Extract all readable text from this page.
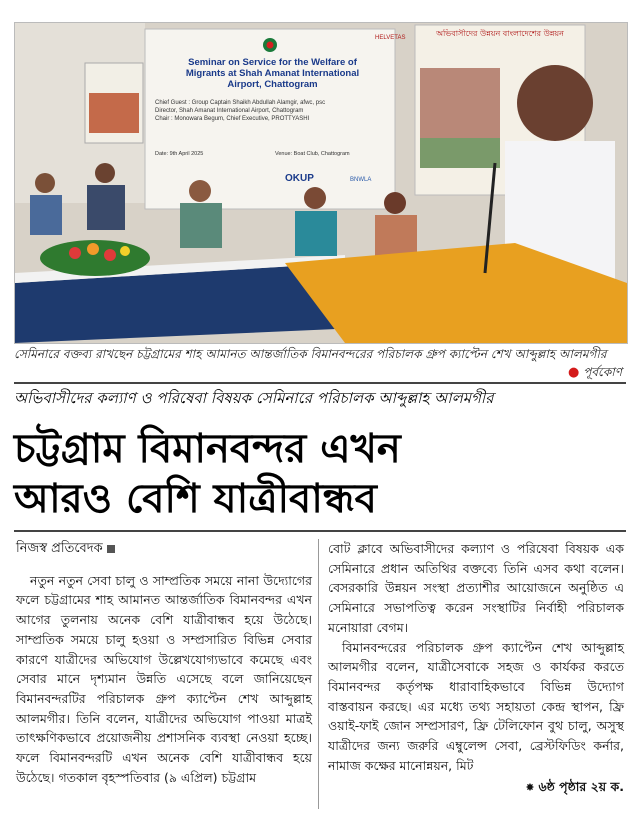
HELVETAS
Seminar on Service for the Welfare of Migrants at Shah Amanat International Airport, Chattogram
Chief Guest : Group Captain Shaikh Abdullah Alamgir, afwc, psc
Director, Shah Amanat International Airport, Chattogram
Chair : Monowara Begum, Chief Executive, PROTTYASHI
Date: 9th April 2025	Venue: Boat Club, Chattogram
OKUP	BNWLA
অভিবাসীদের উন্নয়ন বাংলাদেশের উন্নয়ন
সেমিনারে বক্তব্য রাখছেন চট্টগ্রামের শাহ আমানত আন্তর্জাতিক বিমানবন্দরের পরিচালক গ্রুপ ক্যাপ্টেন শেখ আব্দুল্লাহ আলমগীর
● পূর্বকোণ
অভিবাসীদের কল্যাণ ও পরিষেবা বিষয়ক সেমিনারে পরিচালক আব্দুল্লাহ আলমগীর
চট্টগ্রাম বিমানবন্দর এখন
আরও বেশি যাত্রীবান্ধব
নিজস্ব প্রতিবেদক

নতুন নতুন সেবা চালু ও সাম্প্রতিক সময়ে নানা উদ্যোগের ফলে চট্টগ্রামের শাহ আমানত আন্তর্জাতিক বিমানবন্দর এখন আগের তুলনায় অনেক বেশি যাত্রীবান্ধব হয়ে উঠেছে। সাম্প্রতিক সময়ে চালু হওয়া ও সম্প্রসারিত বিভিন্ন সেবার কারণে যাত্রীদের অভিযোগ উল্লেখযোগ্যভাবে কমেছে এবং সেবার মানে দৃশ্যমান উন্নতি এসেছে বলে জানিয়েছেন বিমানবন্দরটির পরিচালক গ্রুপ ক্যাপ্টেন শেখ আব্দুল্লাহ আলমগীর। তিনি বলেন, যাত্রীদের অভিযোগ পাওয়া মাত্রই তাৎক্ষণিকভাবে প্রয়োজনীয় প্রশাসনিক ব্যবস্থা নেওয়া হচ্ছে। ফলে বিমানবন্দরটি এখন অনেক বেশি যাত্রীবান্ধব হয়ে উঠেছে। গতকাল বৃহস্পতিবার (৯ এপ্রিল) চট্টগ্রাম

বোট ক্লাবে অভিবাসীদের কল্যাণ ও পরিষেবা বিষয়ক এক সেমিনারে প্রধান অতিথির বক্তব্যে তিনি এসব কথা বলেন। বেসরকারি উন্নয়ন সংস্থা প্রত্যাশীর আয়োজনে অনুষ্ঠিত এ সেমিনারে সভাপতিত্ব করেন সংস্থাটির নির্বাহী পরিচালক মনোয়ারা বেগম।

বিমানবন্দরের পরিচালক গ্রুপ ক্যাপ্টেন শেখ আব্দুল্লাহ আলমগীর বলেন, যাত্রীসেবাকে সহজ ও কার্যকর করতে বিমানবন্দর কর্তৃপক্ষ ধারাবাহিকভাবে বিভিন্ন উদ্যোগ বাস্তবায়ন করছে। এর মধ্যে তথ্য সহায়তা কেন্দ্র স্থাপন, ফ্রি ওয়াই-ফাই জোন সম্প্রসারণ, ফ্রি টেলিফোন বুথ চালু, অসুস্থ যাত্রীদের জন্য জরুরি এম্বুলেন্স সেবা, ব্রেস্টফিডিং কর্নার, নামাজ কক্ষের মানোন্নয়ন, মিট

✸ ৬ষ্ঠ পৃষ্ঠার ২য় ক.
